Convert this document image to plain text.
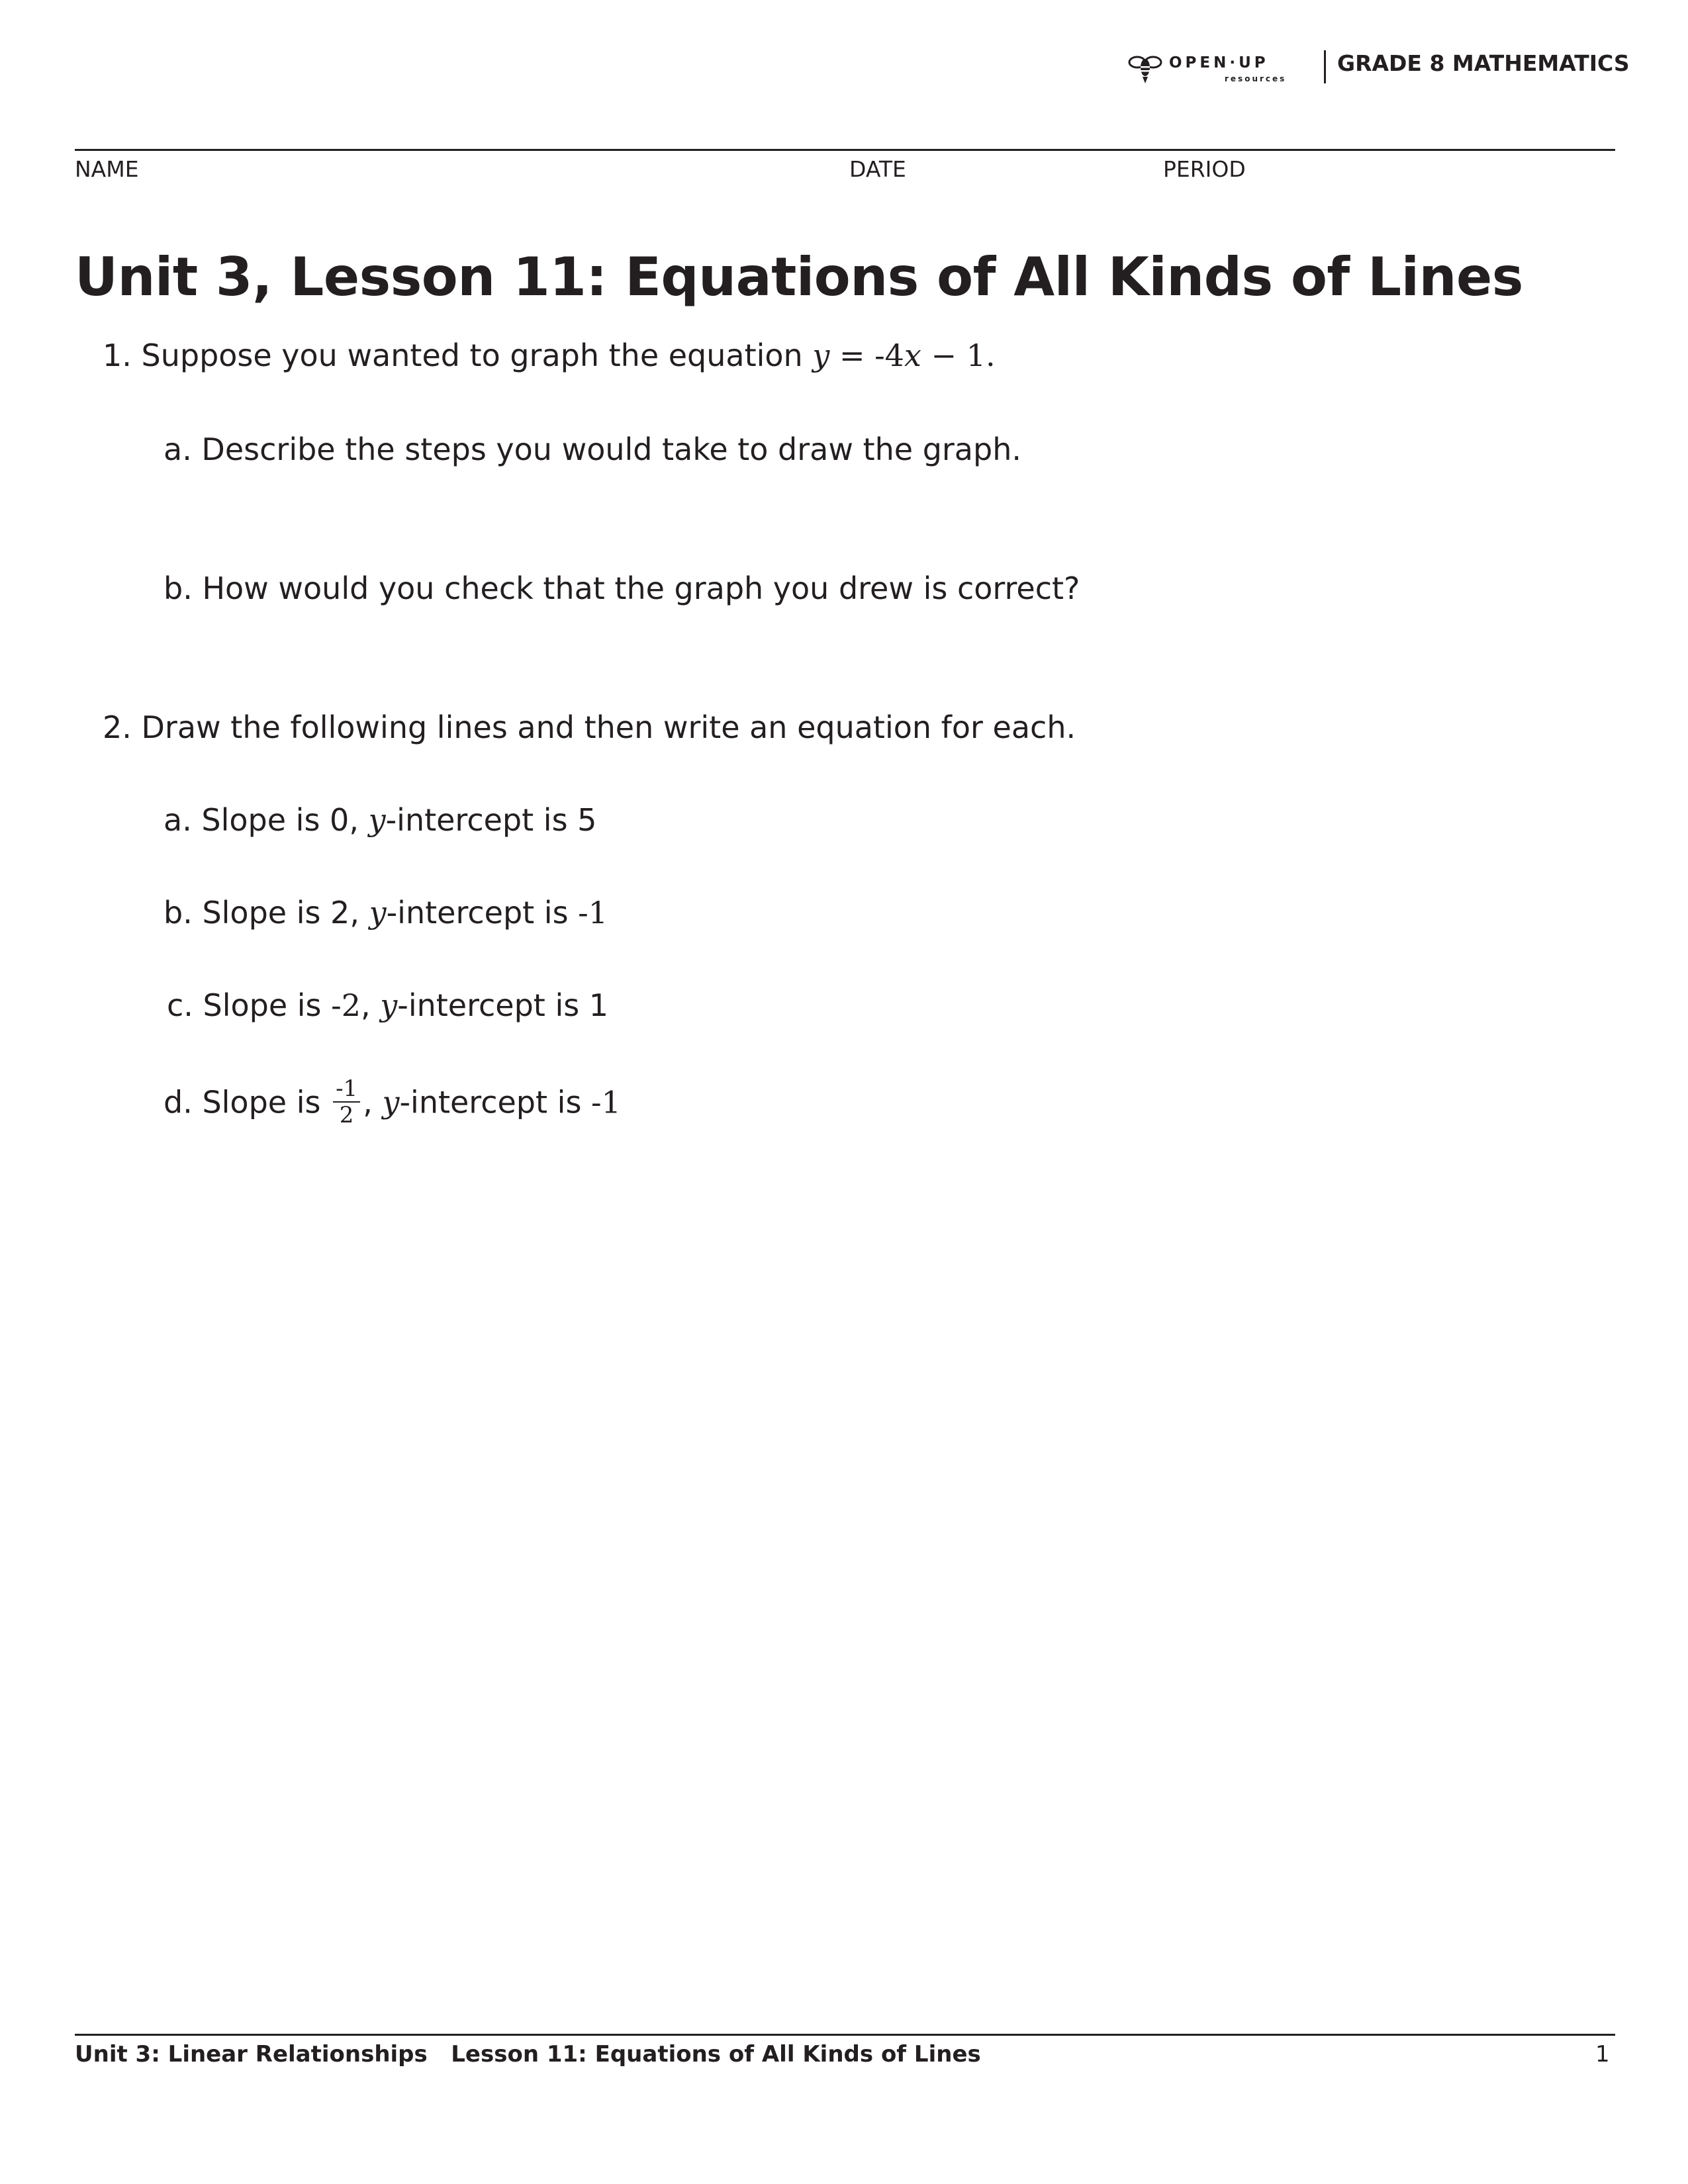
OPEN·UP
resources
GRADE 8 MATHEMATICS
NAME	DATE	PERIOD
Unit 3, Lesson 11: Equations of All Kinds of Lines
1. Suppose you wanted to graph the equation y = -4x − 1.
a. Describe the steps you would take to draw the graph.
b. How would you check that the graph you drew is correct?
2. Draw the following lines and then write an equation for each.
a. Slope is 0, y-intercept is 5
b. Slope is 2, y-intercept is -1
c. Slope is -2, y-intercept is 1
d. Slope is $\frac{-1}{2}$ , y-intercept is -1
Unit 3: Linear Relationships   Lesson 11: Equations of All Kinds of Lines	1
